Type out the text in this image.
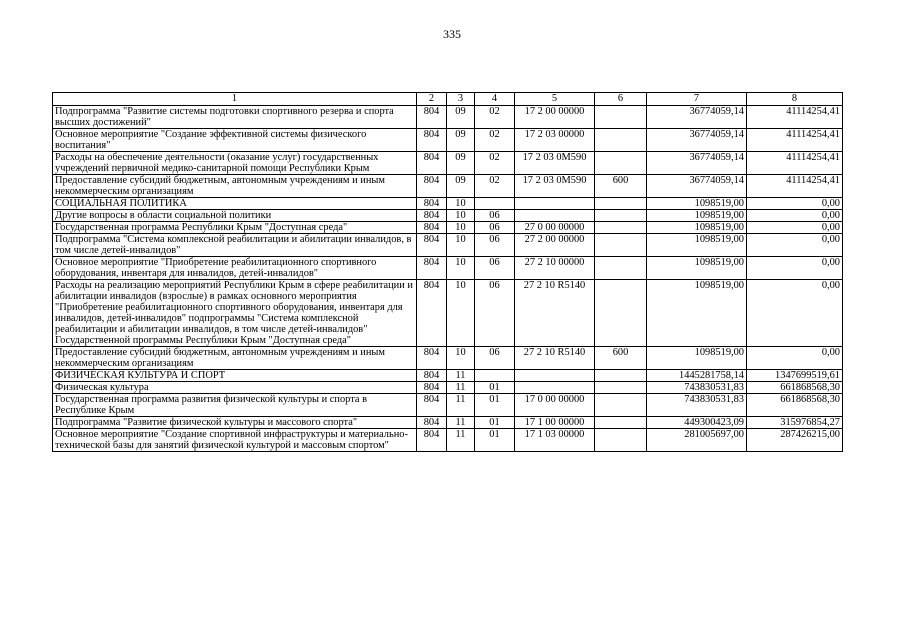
335
1	2	3	4	5	6	7	8
Подпрограмма "Развитие системы подготовки спортивного резерва и спорта высших достижений"	804	09	02	17 2 00 00000		36774059,14	41114254,41
Основное мероприятие "Создание эффективной системы физического воспитания"	804	09	02	17 2 03 00000		36774059,14	41114254,41
Расходы на обеспечение деятельности (оказание услуг) государственных учреждений первичной медико-санитарной помощи Республики Крым	804	09	02	17 2 03 0М590		36774059,14	41114254,41
Предоставление субсидий бюджетным, автономным учреждениям и иным некоммерческим организациям	804	09	02	17 2 03 0М590	600	36774059,14	41114254,41
СОЦИАЛЬНАЯ ПОЛИТИКА	804	10				1098519,00	0,00
Другие вопросы в области социальной политики	804	10	06			1098519,00	0,00
Государственная программа Республики Крым "Доступная среда"	804	10	06	27 0 00 00000		1098519,00	0,00
Подпрограмма "Система комплексной реабилитации и абилитации инвалидов, в том числе детей-инвалидов"	804	10	06	27 2 00 00000		1098519,00	0,00
Основное мероприятие "Приобретение реабилитационного спортивного оборудования, инвентаря для инвалидов, детей-инвалидов"	804	10	06	27 2 10 00000		1098519,00	0,00
Расходы на реализацию мероприятий Республики Крым в сфере реабилитации и абилитации инвалидов (взрослые) в рамках основного мероприятия "Приобретение реабилитационного спортивного оборудования, инвентаря для инвалидов, детей-инвалидов" подпрограммы "Система комплексной реабилитации и абилитации инвалидов, в том числе детей-инвалидов" Государственной программы Республики Крым "Доступная среда"	804	10	06	27 2 10 R5140		1098519,00	0,00
Предоставление субсидий бюджетным, автономным учреждениям и иным некоммерческим организациям	804	10	06	27 2 10 R5140	600	1098519,00	0,00
ФИЗИЧЕСКАЯ КУЛЬТУРА И СПОРТ	804	11				1445281758,14	1347699519,61
Физическая культура	804	11	01			743830531,83	661868568,30
Государственная программа развития физической культуры и спорта в Республике Крым	804	11	01	17 0 00 00000		743830531,83	661868568,30
Подпрограмма "Развитие физической культуры и массового спорта"	804	11	01	17 1 00 00000		449300423,09	315976854,27
Основное мероприятие "Создание спортивной инфраструктуры и материально-технической базы для занятий физической культурой и массовым спортом"	804	11	01	17 1 03 00000		281005697,00	287426215,00
